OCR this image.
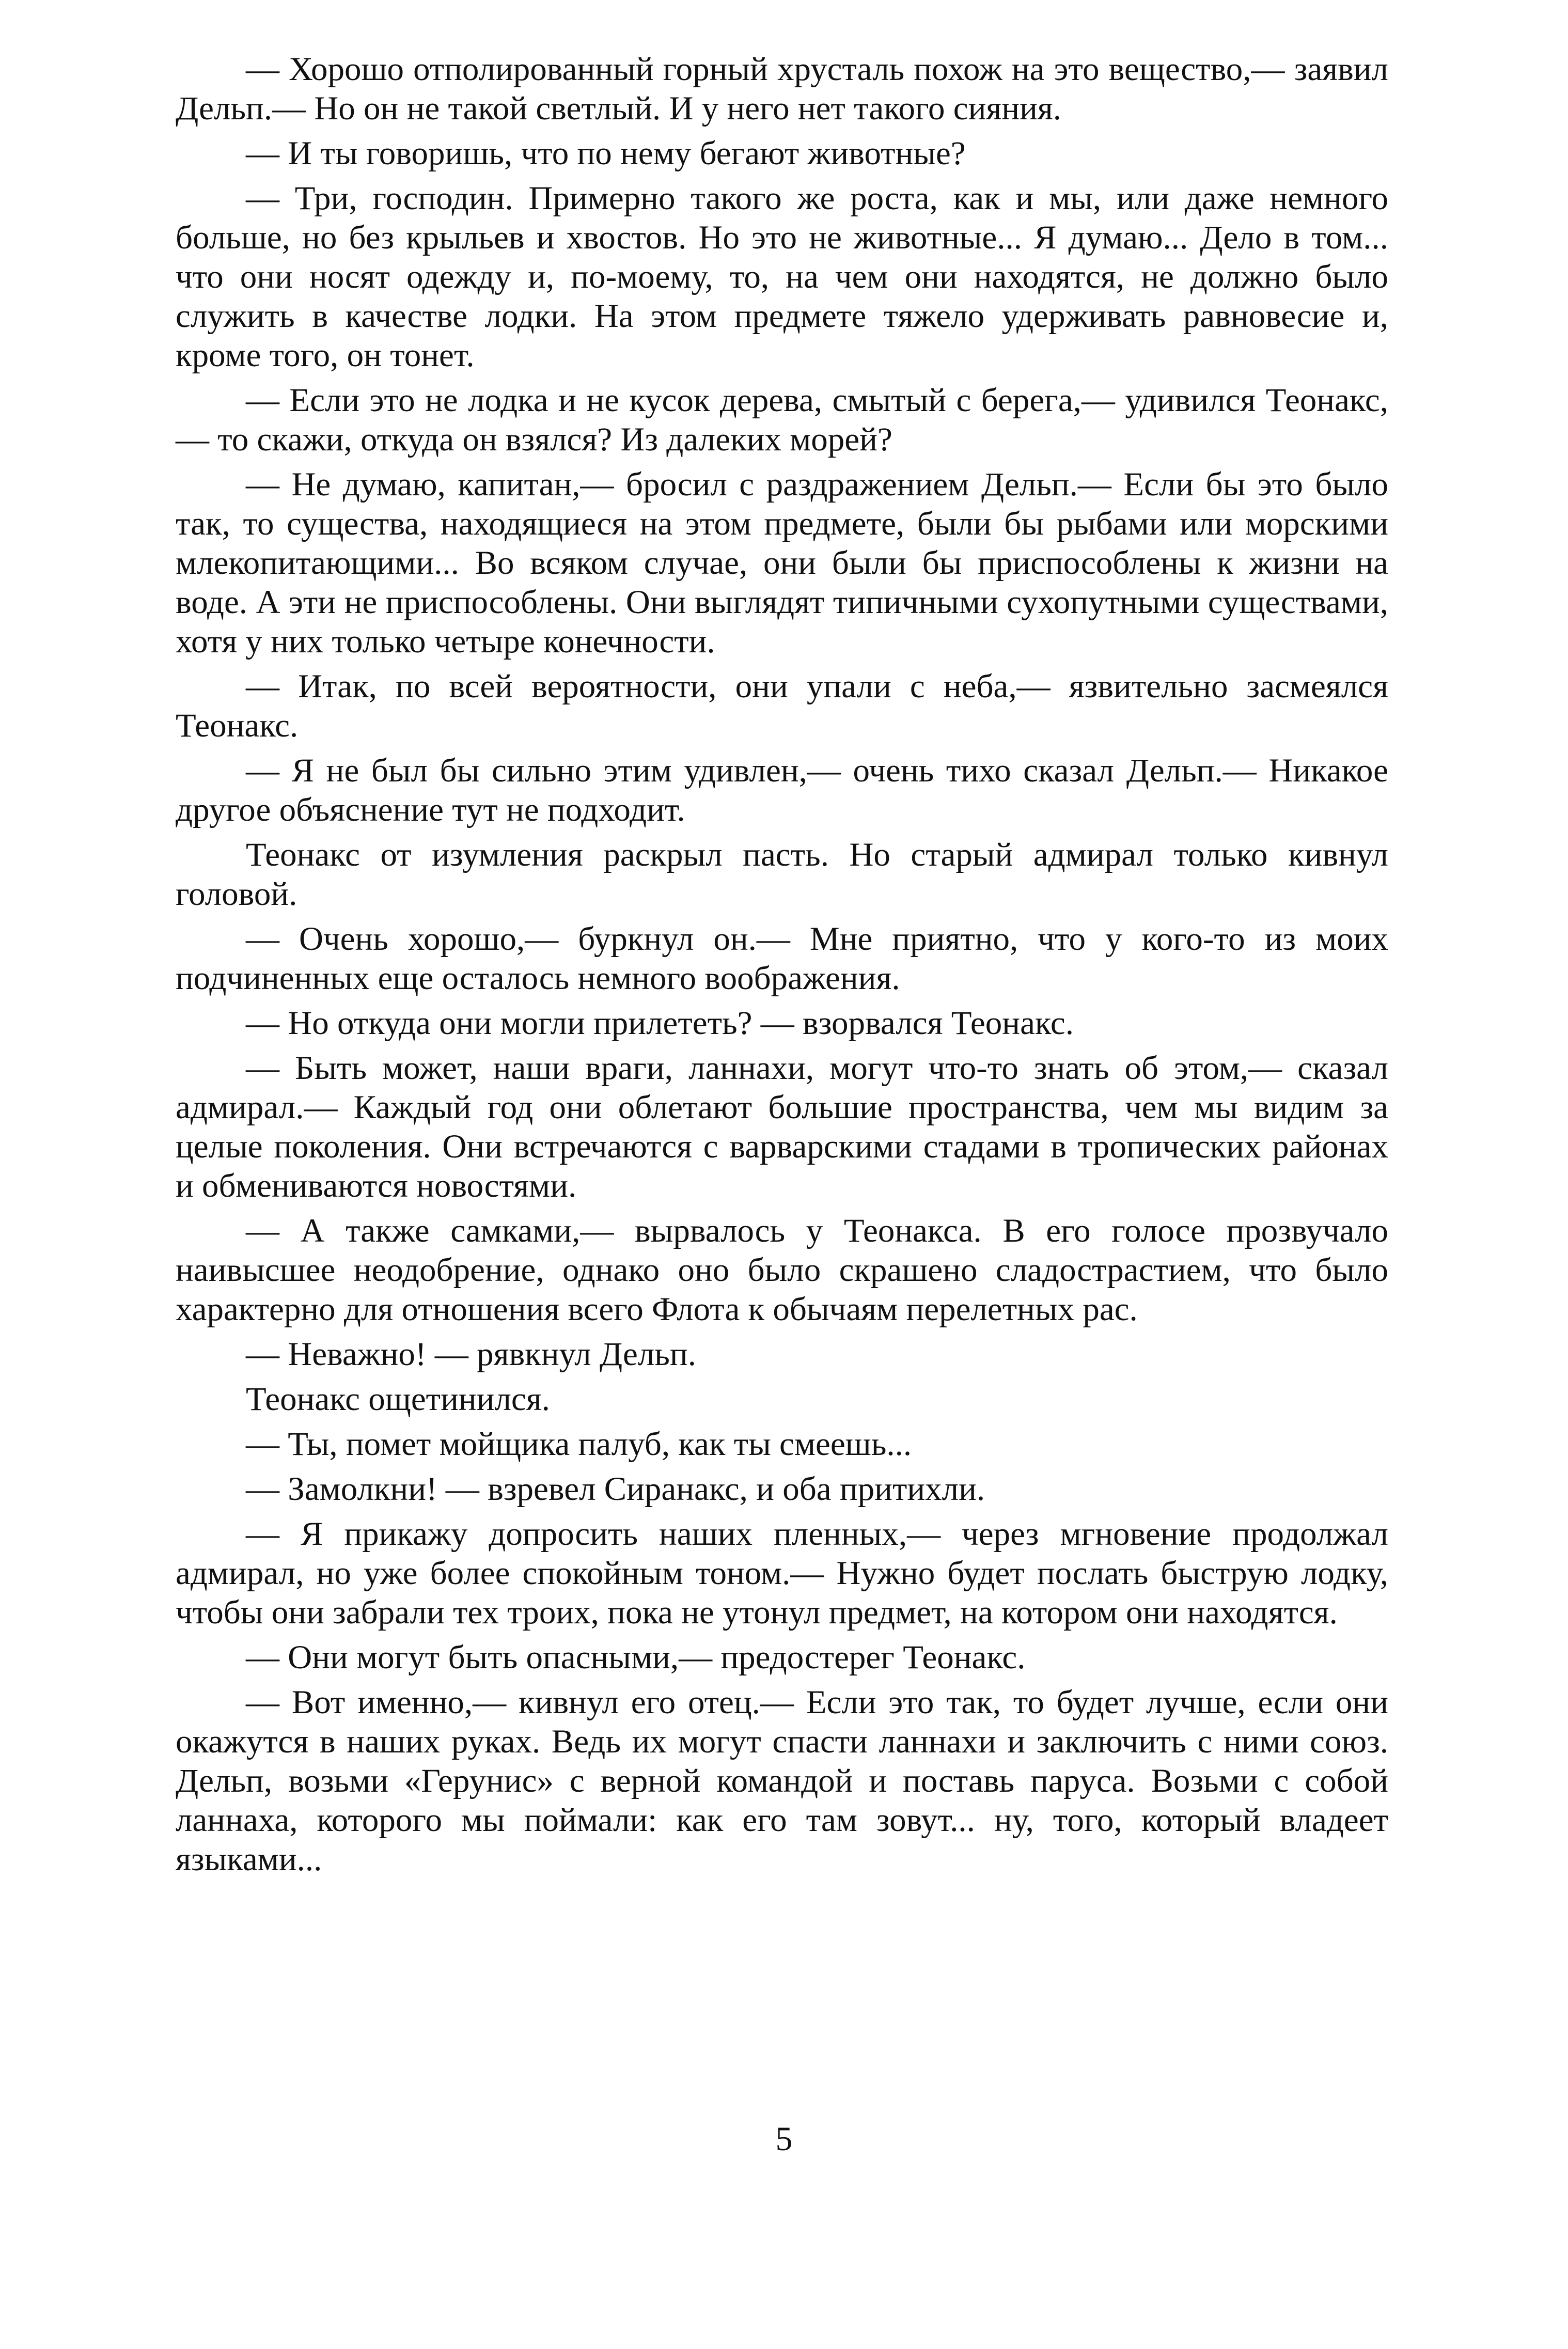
— Хорошо отполированный горный хрусталь похож на это вещество,— заявил Дельп.— Но он не такой светлый. И у него нет такого сияния.

— И ты говоришь, что по нему бегают животные?

— Три, господин. Примерно такого же роста, как и мы, или даже немного больше, но без крыльев и хвостов. Но это не животные... Я думаю... Дело в том... что они носят одежду и, по-моему, то, на чем они находятся, не должно было служить в качестве лодки. На этом предмете тяжело удерживать равновесие и, кроме того, он тонет.

— Если это не лодка и не кусок дерева, смытый с берега,— удивился Теонакс,— то скажи, откуда он взялся? Из далеких морей?

— Не думаю, капитан,— бросил с раздражением Дельп.— Если бы это было так, то существа, находящиеся на этом предмете, были бы рыбами или морскими млекопитающими... Во всяком случае, они были бы приспособлены к жизни на воде. А эти не приспособлены. Они выглядят типичными сухопутными существами, хотя у них только четыре конечности.

— Итак, по всей вероятности, они упали с неба,— язвительно засмеялся Теонакс.

— Я не был бы сильно этим удивлен,— очень тихо сказал Дельп.— Никакое другое объяснение тут не подходит.

Теонакс от изумления раскрыл пасть. Но старый адмирал только кивнул головой.

— Очень хорошо,— буркнул он.— Мне приятно, что у кого-то из моих подчиненных еще осталось немного воображения.

— Но откуда они могли прилететь? — взорвался Теонакс.

— Быть может, наши враги, ланнахи, могут что-то знать об этом,— сказал адмирал.— Каждый год они облетают большие пространства, чем мы видим за целые поколения. Они встречаются с варварскими стадами в тропических районах и обмениваются новостями.

— А также самками,— вырвалось у Теонакса. В его голосе прозвучало наивысшее неодобрение, однако оно было скрашено сладострастием, что было характерно для отношения всего Флота к обычаям перелетных рас.

— Неважно! — рявкнул Дельп.

Теонакс ощетинился.

— Ты, помет мойщика палуб, как ты смеешь...

— Замолкни! — взревел Сиранакс, и оба притихли.

— Я прикажу допросить наших пленных,— через мгновение продолжал адмирал, но уже более спокойным тоном.— Нужно будет послать быструю лодку, чтобы они забрали тех троих, пока не утонул предмет, на котором они находятся.

— Они могут быть опасными,— предостерег Теонакс.

— Вот именно,— кивнул его отец.— Если это так, то будет лучше, если они окажутся в наших руках. Ведь их могут спасти ланнахи и заключить с ними союз. Дельп, возьми «Герунис» с верной командой и поставь паруса. Возьми с собой ланнаха, которого мы поймали: как его там зовут... ну, того, который владеет языками...

5
